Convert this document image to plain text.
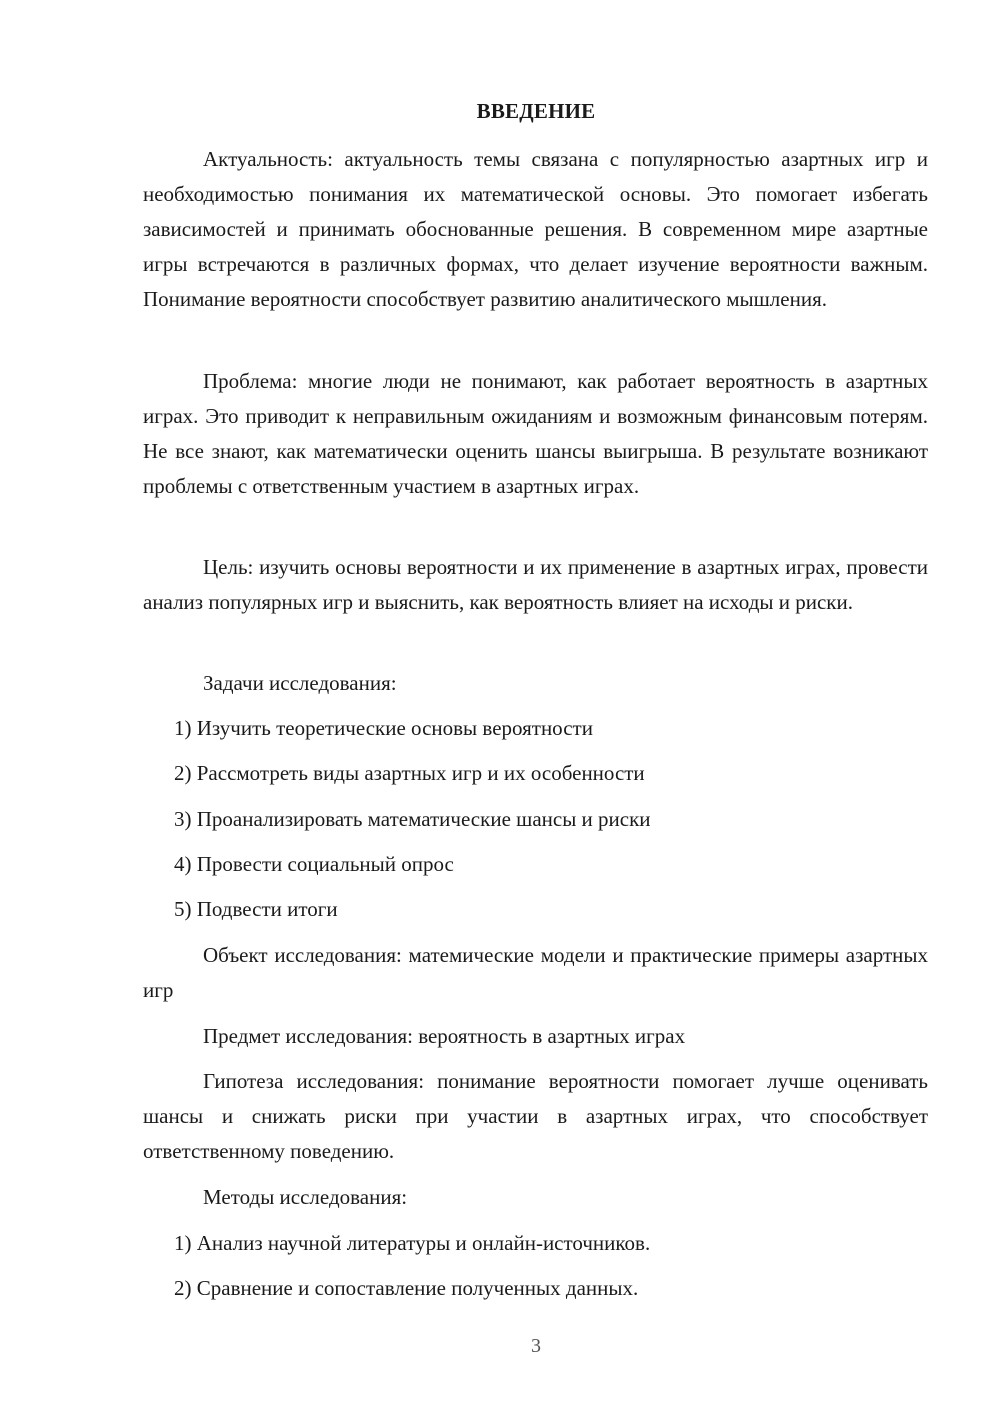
ВВЕДЕНИЕ

Актуальность: актуальность темы связана с популярностью азартных игр и необходимостью понимания их математической основы. Это помогает избегать зависимостей и принимать обоснованные решения. В современном мире азартные игры встречаются в различных формах, что делает изучение вероятности важным. Понимание вероятности способствует развитию аналитического мышления.

Проблема: многие люди не понимают, как работает вероятность в азартных играх. Это приводит к неправильным ожиданиям и возможным финансовым потерям. Не все знают, как математически оценить шансы выигрыша. В результате возникают проблемы с ответственным участием в азартных играх.

Цель: изучить основы вероятности и их применение в азартных играх, провести анализ популярных игр и выяснить, как вероятность влияет на исходы и риски.

Задачи исследования:

1) Изучить теоретические основы вероятности

2) Рассмотреть виды азартных игр и их особенности

3) Проанализировать математические шансы и риски

4) Провести социальный опрос

5) Подвести итоги

Объект исследования: матемические модели и практические примеры азартных игр

Предмет исследования: вероятность в азартных играх

Гипотеза исследования: понимание вероятности помогает лучше оценивать шансы и снижать риски при участии в азартных играх, что способствует ответственному поведению.

Методы исследования:

1) Анализ научной литературы и онлайн-источников.

2) Сравнение и сопоставление полученных данных.

3
